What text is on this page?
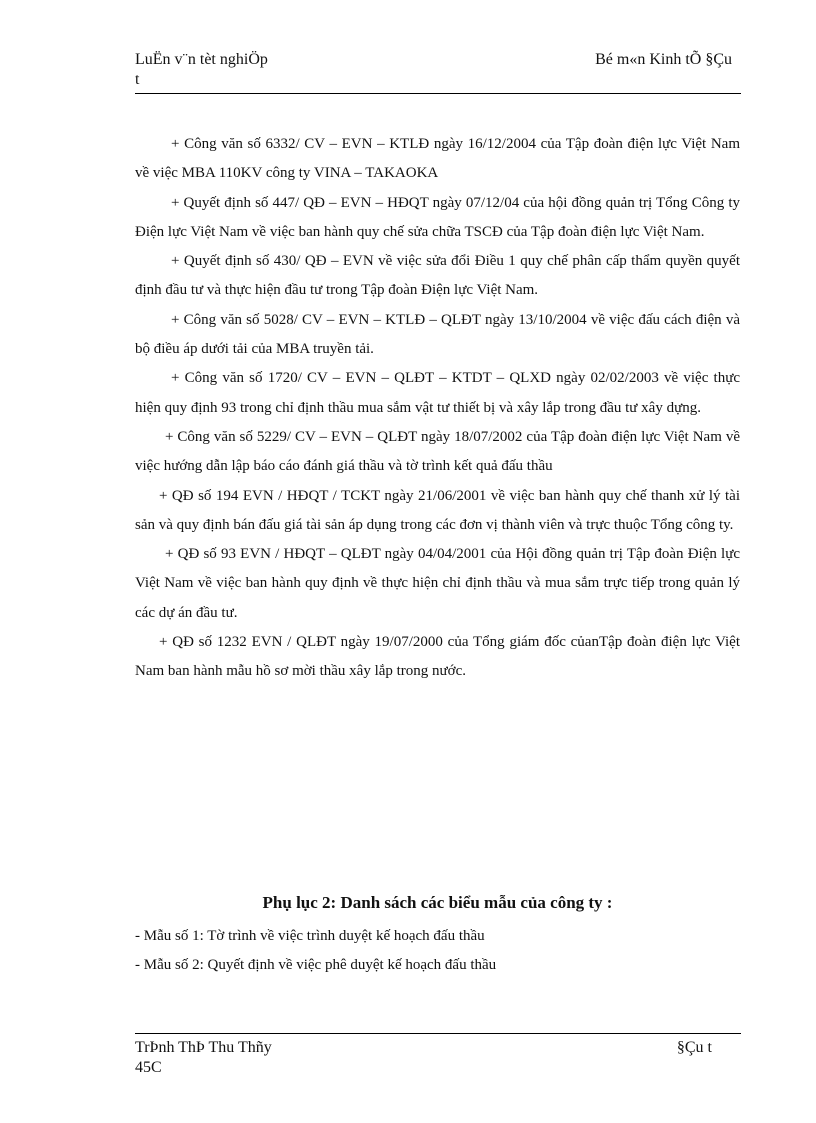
LuËn v¨n tèt nghiÖp
t
Bé m«n Kinh tÕ §Çu

+ Công văn số 6332/ CV – EVN – KTLĐ ngày 16/12/2004 của Tập đoàn điện lực Việt Nam về việc MBA 110KV công ty VINA – TAKAOKA

+ Quyết định số 447/ QĐ – EVN – HĐQT ngày 07/12/04 của hội đồng quản trị Tổng Công ty Điện lực Việt Nam về việc ban hành quy chế sửa chữa TSCĐ của Tập đoàn điện lực Việt Nam.

+ Quyết định số 430/ QĐ – EVN về việc sửa đổi Điều 1 quy chế phân cấp thẩm quyền quyết định đầu tư và thực hiện đầu tư trong Tập đoàn Điện lực Việt Nam.

+ Công văn số 5028/ CV – EVN – KTLĐ – QLĐT ngày 13/10/2004 về việc đấu cách điện và bộ điều áp dưới tải của MBA truyền tải.

+ Công văn số 1720/ CV – EVN – QLĐT – KTDT – QLXD ngày 02/02/2003 về việc thực hiện quy định 93 trong chỉ định thầu mua sắm vật tư thiết bị và xây lắp trong đầu tư xây dựng.

+ Công văn số 5229/ CV – EVN – QLĐT ngày 18/07/2002 của Tập đoàn điện lực Việt Nam về việc hướng dẫn lập báo cáo đánh giá thầu và tờ trình kết quả đấu thầu

+ QĐ số 194 EVN / HĐQT / TCKT ngày 21/06/2001 về việc ban hành quy chế thanh xử lý tài sản và quy định bán đấu giá tài sản áp dụng trong các đơn vị thành viên và trực thuộc Tổng công ty.

+ QĐ số 93 EVN / HĐQT – QLĐT ngày 04/04/2001 của Hội đồng quản trị Tập đoàn Điện lực Việt Nam về việc ban hành quy định về thực hiện chỉ định thầu và mua sắm trực tiếp trong quản lý các dự án đầu tư.

+ QĐ số 1232 EVN / QLĐT ngày 19/07/2000 của Tổng giám đốc củanTập đoàn điện lực Việt Nam ban hành mẫu hồ sơ mời thầu xây lắp trong nước.

Phụ lục 2: Danh sách các biểu mẫu của công ty :
- Mẫu số 1: Tờ trình về việc trình duyệt kế hoạch đấu thầu
- Mẫu số 2: Quyết định về việc phê duyệt kế hoạch đấu thầu
TrÞnh ThÞ Thu Thñy
45C
§Çu t
